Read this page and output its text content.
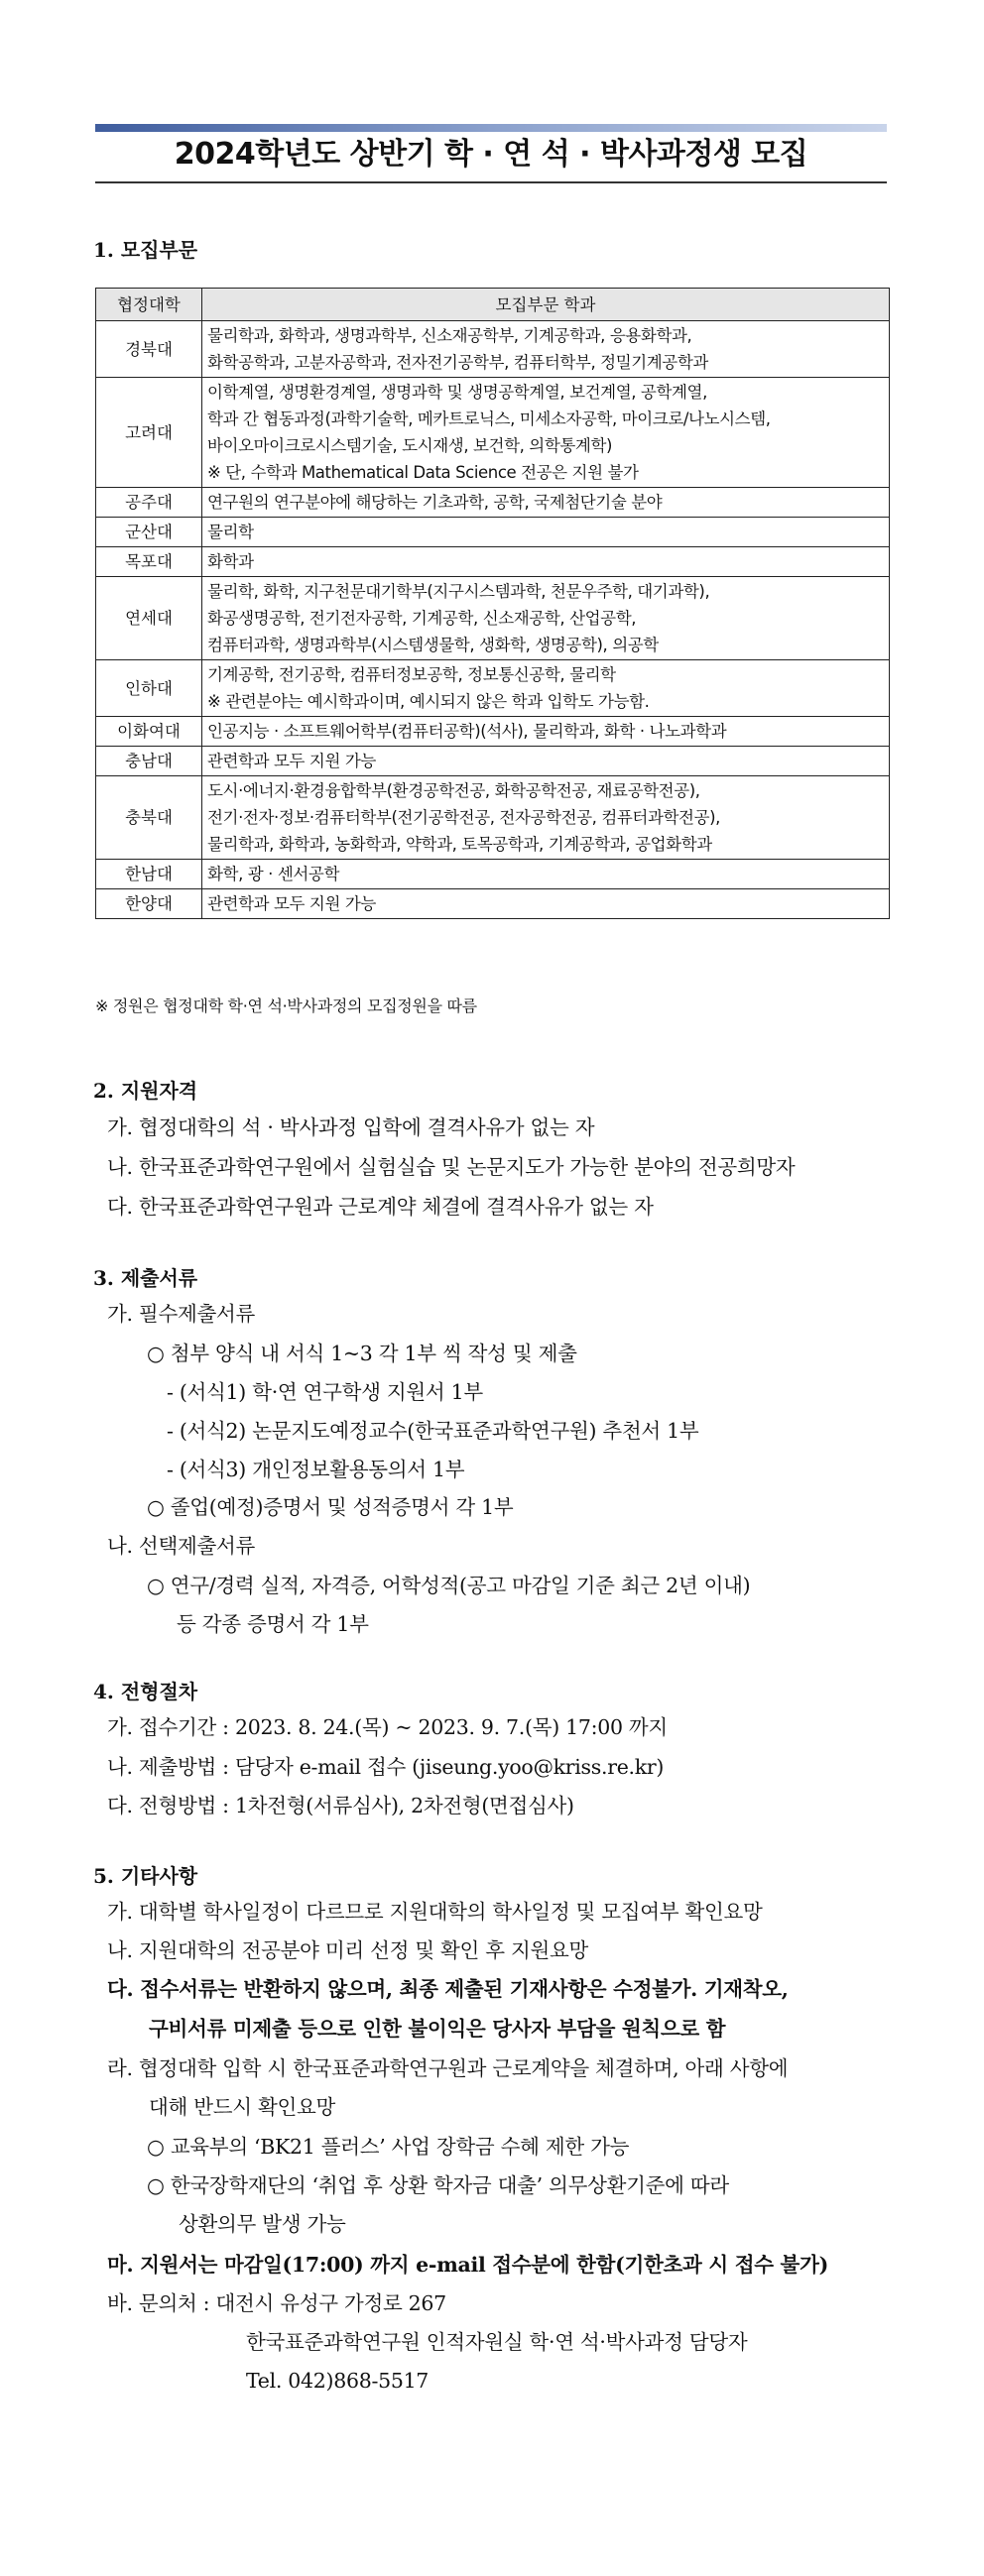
2024학년도 상반기 학 · 연 석 · 박사과정생 모집
1. 모집부문
협정대학	모집부문 학과
경북대	물리학과, 화학과, 생명과학부, 신소재공학부, 기계공학과, 응용화학과,
화학공학과, 고분자공학과, 전자전기공학부, 컴퓨터학부, 정밀기계공학과

고려대	이학계열, 생명환경계열, 생명과학 및 생명공학계열, 보건계열, 공학계열,
학과 간 협동과정(과학기술학, 메카트로닉스, 미세소자공학, 마이크로/나노시스템,
바이오마이크로시스템기술, 도시재생, 보건학, 의학통계학)
※ 단, 수학과 Mathematical Data Science 전공은 지원 불가

공주대	연구원의 연구분야에 해당하는 기초과학, 공학, 국제첨단기술 분야

군산대	물리학

목포대	화학과

연세대	물리학, 화학, 지구천문대기학부(지구시스템과학, 천문우주학, 대기과학),
화공생명공학, 전기전자공학, 기계공학, 신소재공학, 산업공학,
컴퓨터과학, 생명과학부(시스템생물학, 생화학, 생명공학), 의공학

인하대	기계공학, 전기공학, 컴퓨터정보공학, 정보통신공학, 물리학
※ 관련분야는 예시학과이며, 예시되지 않은 학과 입학도 가능함.

이화여대	인공지능 · 소프트웨어학부(컴퓨터공학)(석사), 물리학과, 화학 · 나노과학과

충남대	관련학과 모두 지원 가능

충북대	도시·에너지·환경융합학부(환경공학전공, 화학공학전공, 재료공학전공),
전기·전자·정보·컴퓨터학부(전기공학전공, 전자공학전공, 컴퓨터과학전공),
물리학과, 화학과, 농화학과, 약학과, 토목공학과, 기계공학과, 공업화학과

한남대	화학, 광 · 센서공학

한양대	관련학과 모두 지원 가능
※ 정원은 협정대학 학·연 석·박사과정의 모집정원을 따름
2. 지원자격
가. 협정대학의 석 · 박사과정 입학에 결격사유가 없는 자
나. 한국표준과학연구원에서 실험실습 및 논문지도가 가능한 분야의 전공희망자
다. 한국표준과학연구원과 근로계약 체결에 결격사유가 없는 자
3. 제출서류
가. 필수제출서류
○ 첨부 양식 내 서식 1~3 각 1부 씩 작성 및 제출
- (서식1) 학·연 연구학생 지원서 1부
- (서식2) 논문지도예정교수(한국표준과학연구원) 추천서 1부
- (서식3) 개인정보활용동의서 1부
○ 졸업(예정)증명서 및 성적증명서 각 1부
나. 선택제출서류
○ 연구/경력 실적, 자격증, 어학성적(공고 마감일 기준 최근 2년 이내)
등 각종 증명서 각 1부
4. 전형절차
가. 접수기간 : 2023. 8. 24.(목) ~ 2023. 9. 7.(목) 17:00 까지
나. 제출방법 : 담당자 e-mail 접수 (jiseung.yoo@kriss.re.kr)
다. 전형방법 : 1차전형(서류심사), 2차전형(면접심사)
5. 기타사항
가. 대학별 학사일정이 다르므로 지원대학의 학사일정 및 모집여부 확인요망
나. 지원대학의 전공분야 미리 선정 및 확인 후 지원요망
다. 접수서류는 반환하지 않으며, 최종 제출된 기재사항은 수정불가. 기재착오,
구비서류 미제출 등으로 인한 불이익은 당사자 부담을 원칙으로 함
라. 협정대학 입학 시 한국표준과학연구원과 근로계약을 체결하며, 아래 사항에
대해 반드시 확인요망
○ 교육부의 ‘BK21 플러스’ 사업 장학금 수혜 제한 가능
○ 한국장학재단의 ‘취업 후 상환 학자금 대출’ 의무상환기준에 따라
상환의무 발생 가능
마. 지원서는 마감일(17:00) 까지 e-mail 접수분에 한함(기한초과 시 접수 불가)
바. 문의처 : 대전시 유성구 가정로 267
한국표준과학연구원 인적자원실 학·연 석·박사과정 담당자
Tel. 042)868-5517
